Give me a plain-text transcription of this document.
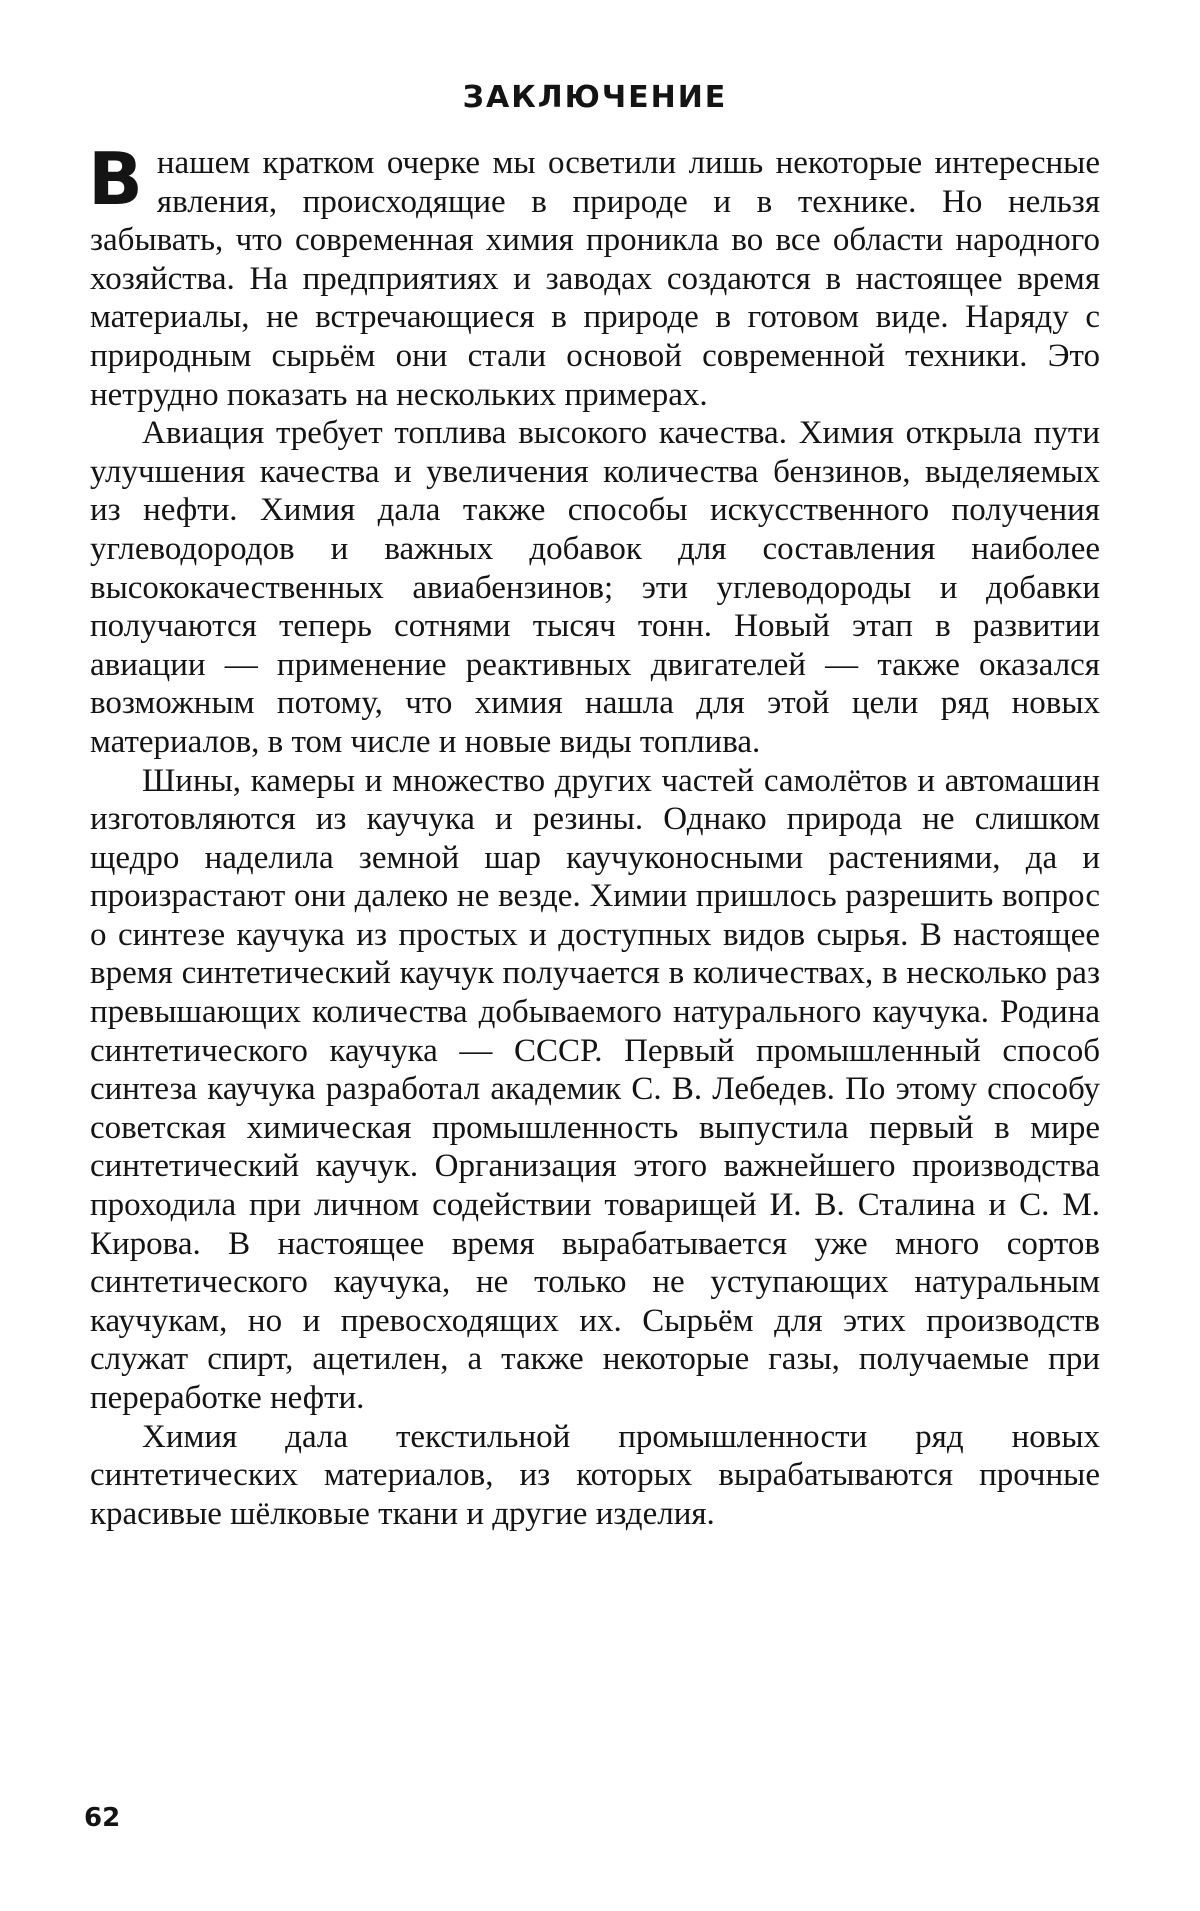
ЗАКЛЮЧЕНИЕ

В нашем кратком очерке мы осветили лишь некоторые интересные явления, происходящие в природе и в технике. Но нельзя забывать, что современная химия проникла во все области народного хозяйства. На предприятиях и заводах создаются в настоящее время материалы, не встречающиеся в природе в готовом виде. Наряду с природным сырьём они стали основой современной техники. Это нетрудно показать на нескольких примерах.

Авиация требует топлива высокого качества. Химия открыла пути улучшения качества и увеличения количества бензинов, выделяемых из нефти. Химия дала также способы искусственного получения углеводородов и важных добавок для составления наиболее высококачественных авиабензинов; эти углеводороды и добавки получаются теперь сотнями тысяч тонн. Новый этап в развитии авиации — применение реактивных двигателей — также оказался возможным потому, что химия нашла для этой цели ряд новых материалов, в том числе и новые виды топлива.

Шины, камеры и множество других частей самолётов и автомашин изготовляются из каучука и резины. Однако природа не слишком щедро наделила земной шар каучуконосными растениями, да и произрастают они далеко не везде. Химии пришлось разрешить вопрос о синтезе каучука из простых и доступных видов сырья. В настоящее время синтетический каучук получается в количествах, в несколько раз превышающих количества добываемого натурального каучука. Родина синтетического каучука — СССР. Первый промышленный способ синтеза каучука разработал академик С. В. Лебедев. По этому способу советская химическая промышленность выпустила первый в мире синтетический каучук. Организация этого важнейшего производства проходила при личном содействии товарищей И. В. Сталина и С. М. Кирова. В настоящее время вырабатывается уже много сортов синтетического каучука, не только не уступающих натуральным каучукам, но и превосходящих их. Сырьём для этих производств служат спирт, ацетилен, а также некоторые газы, получаемые при переработке нефти.

Химия дала текстильной промышленности ряд новых синтетических материалов, из которых вырабатываются прочные красивые шёлковые ткани и другие изделия.

62
